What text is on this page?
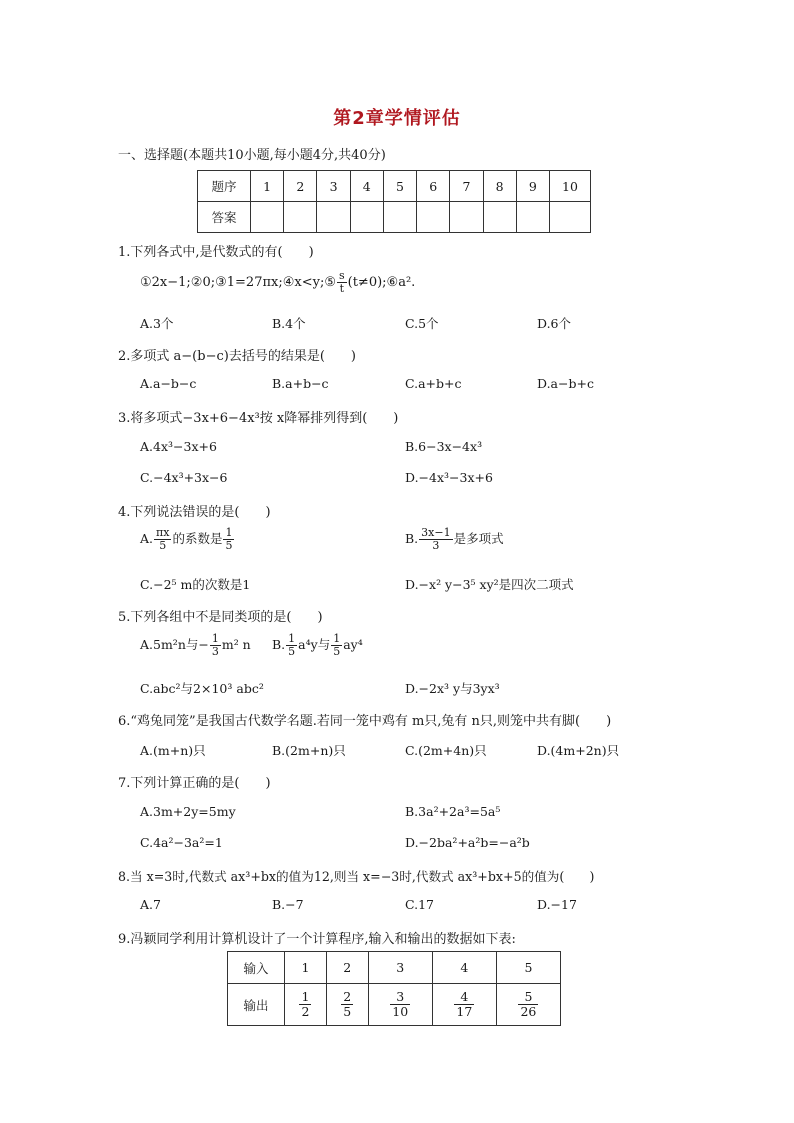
第2章学情评估
一、选择题(本题共10小题,每小题4分,共40分)
题序	1	2	3	4	5	6	7	8	9	10
答案										
1.下列各式中,是代数式的有(　　)
①2x−1;②0;③1=27πx;④x<y;⑤ $\frac{s}{t}$ (t≠0);⑥a².
A.3个	B.4个	C.5个	D.6个
2.多项式 a−(b−c)去括号的结果是(　　)
A.a−b−c	B.a+b−c	C.a+b+c	D.a−b+c
3.将多项式−3x+6−4x³按 x降幂排列得到(　　)
A.4x³−3x+6	B.6−3x−4x³
C.−4x³+3x−6	D.−4x³−3x+6
4.下列说法错误的是(　　)
A. $\frac{\pi x}{5}$ 的系数是 $\frac{1}{5}$	B. $\frac{3x-1}{3}$ 是多项式
C.−2⁵ m的次数是1	D.−x² y−3⁵ xy²是四次二项式
5.下列各组中不是同类项的是(　　)
A.5m²n与− $\frac{1}{3} m^2$ n B. $\frac{1}{5} a^4y$与 $\frac{1}{5} ay^4$
C.abc²与2×10³ abc²	D.−2x³ y与3yx³
6.“鸡兔同笼”是我国古代数学名题.若同一笼中鸡有 m只,兔有 n只,则笼中共有脚(　　)
A.(m+n)只	B.(2m+n)只	C.(2m+4n)只	D.(4m+2n)只
7.下列计算正确的是(　　)
A.3m+2y=5my	B.3a²+2a³=5a⁵
C.4a²−3a²=1	D.−2ba²+a²b=−a²b
8.当 x=3时,代数式 ax³+bx的值为12,则当 x=−3时,代数式 ax³+bx+5的值为(　　)
A.7	B.−7	C.17	D.−17
9.冯颖同学利用计算机设计了一个计算程序,输入和输出的数据如下表:
输入	1	2	3	4	5
输出	$\frac{1}{2}$	$\frac{2}{5}$	$\frac{3}{10}$	$\frac{4}{17}$	$\frac{5}{26}$
